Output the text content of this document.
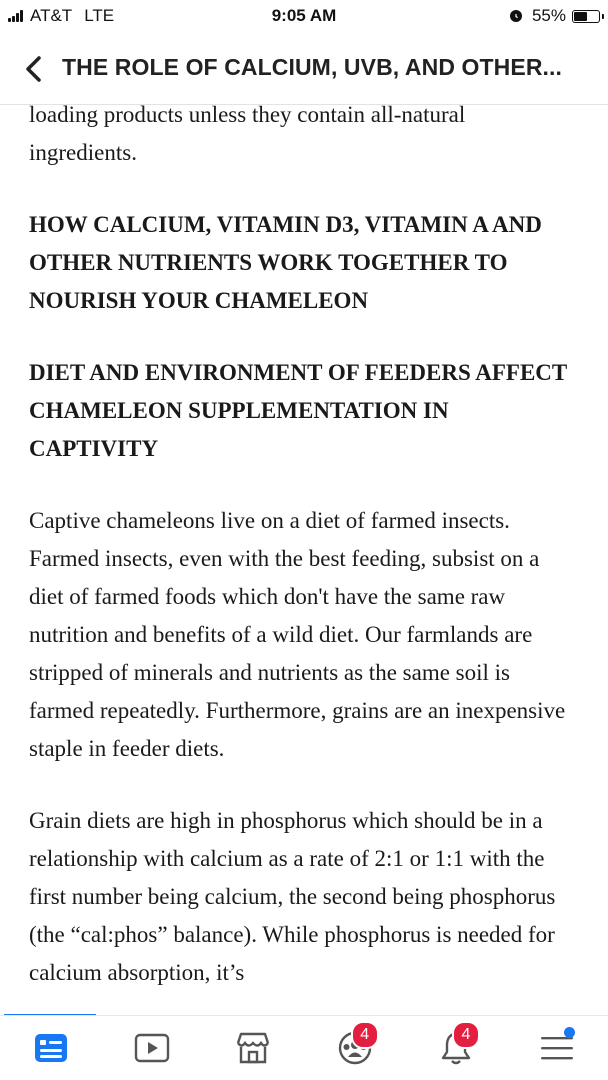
AT&T LTE	9:05 AM	55%
THE ROLE OF CALCIUM, UVB, AND OTHER...

loading products unless they contain all-natural ingredients.

HOW CALCIUM, VITAMIN D3, VITAMIN A AND OTHER NUTRIENTS WORK TOGETHER TO NOURISH YOUR CHAMELEON
DIET AND ENVIRONMENT OF FEEDERS AFFECT CHAMELEON SUPPLEMENTATION IN CAPTIVITY

Captive chameleons live on a diet of farmed insects. Farmed insects, even with the best feeding, subsist on a diet of farmed foods which don't have the same raw nutrition and benefits of a wild diet. Our farmlands are stripped of minerals and nutrients as the same soil is farmed repeatedly. Furthermore, grains are an inexpensive staple in feeder diets.

Grain diets are high in phosphorus which should be in a relationship with calcium as a rate of 2:1 or 1:1 with the first number being calcium, the second being phosphorus (the “cal:phos” balance). While phosphorus is needed for calcium absorption, it’s

4	4
